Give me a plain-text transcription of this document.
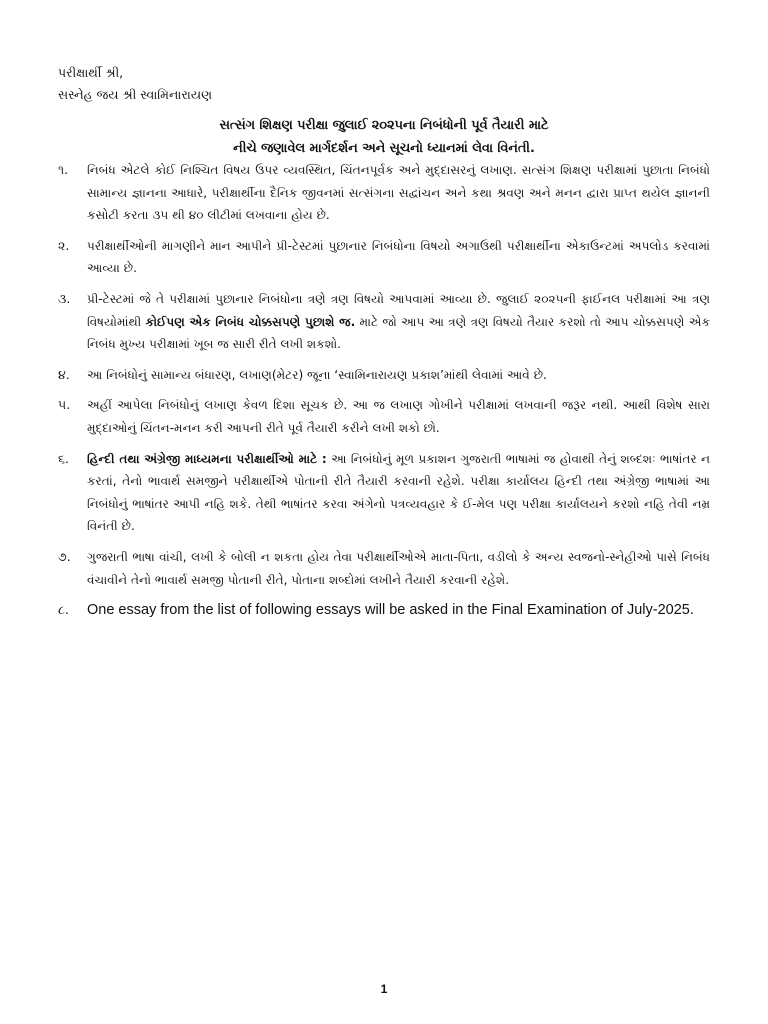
પરીક્ષાર્થી શ્રી,
સસ્નેહ જય શ્રી સ્વામિનારાયણ
સત્સંગ શિક્ષણ પરીક્ષા જુલાઈ ૨૦૨૫ના નિબંધોની પૂર્વ તૈયારી માટે
નીચે જણાવેલ માર્ગદર્શન અને સૂચનો ધ્યાનમાં લેવા વિનંતી.
૧.	નિબંધ એટલે કોઈ નિશ્ચિત વિષય ઉપર વ્યવસ્થિત, ચિંતનપૂર્વક અને મુદ્દાસરનું લખાણ. સત્સંગ શિક્ષણ પરીક્ષામાં પુછાતા નિબંધો સામાન્ય જ્ઞાનના આધારે, પરીક્ષાર્થીના દૈનિક જીવનમાં સત્સંગના સદ્વાંચન અને કથા શ્રવણ અને મનન દ્વારા પ્રાપ્ત થયેલ જ્ઞાનની કસોટી કરતા ૩૫ થી ૪૦ લીટીમાં લખવાના હોય છે.
૨.	પરીક્ષાર્થીઓની માગણીને માન આપીને પ્રી-ટેસ્ટમાં પુછાનાર નિબંધોના વિષયો અગાઉથી પરીક્ષાર્થીના એકાઉન્ટમાં અપલોડ કરવામાં આવ્યા છે.
૩.	પ્રી-ટેસ્ટમાં જે તે પરીક્ષામાં પુછાનાર નિબંધોના ત્રણે ત્રણ વિષયો આપવામાં આવ્યા છે. જુલાઈ ૨૦૨૫ની ફાઈનલ પરીક્ષામાં આ ત્રણ વિષયોમાંથી કોઈપણ એક નિબંધ ચોક્કસપણે પુછાશે જ. માટે જો આપ આ ત્રણે ત્રણ વિષયો તૈયાર કરશો તો આપ ચોક્કસપણે એક નિબંધ મુખ્ય પરીક્ષામાં ખૂબ જ સારી રીતે લખી શકશો.
૪.	આ નિબંધોનું સામાન્ય બંધારણ, લખાણ(મેટર) જૂના ‘સ્વામિનારાયણ પ્રકાશ’માંથી લેવામાં આવે છે.
૫.	અહીં આપેલા નિબંધોનું લખાણ કેવળ દિશા સૂચક છે. આ જ લખાણ ગોખીને પરીક્ષામાં લખવાની જરૂર નથી. આથી વિશેષ સારા મુદ્દાઓનું ચિંતન-મનન કરી આપની રીતે પૂર્વ તૈયારી કરીને લખી શકો છો.
૬.	હિન્દી તથા અંગ્રેજી માધ્યમના પરીક્ષાર્થીઓ માટે : આ નિબંધોનું મૂળ પ્રકાશન ગુજરાતી ભાષામાં જ હોવાથી તેનું શબ્દશઃ ભાષાંતર ન કરતાં, તેનો ભાવાર્થ સમજીને પરીક્ષાર્થીએ પોતાની રીતે તૈયારી કરવાની રહેશે. પરીક્ષા કાર્યાલય હિન્દી તથા અંગ્રેજી ભાષામાં આ નિબંધોનું ભાષાંતર આપી નહિ શકે. તેથી ભાષાંતર કરવા અંગેનો પત્રવ્યવહાર કે ઈ-મેલ પણ પરીક્ષા કાર્યાલયને કરશો નહિ તેવી નમ્ર વિનંતી છે.
૭.	ગુજરાતી ભાષા વાંચી, લખી કે બોલી ન શકતા હોય તેવા પરીક્ષાર્થીઓએ માતા-પિતા, વડીલો કે અન્ય સ્વજનો-સ્નેહીઓ પાસે નિબંધ વંચાવીને તેનો ભાવાર્થ સમજી પોતાની રીતે, પોતાના શબ્દોમાં લખીને તૈયારી કરવાની રહેશે.
૮.	One essay from the list of following essays will be asked in the Final Examination of July-2025.
1
